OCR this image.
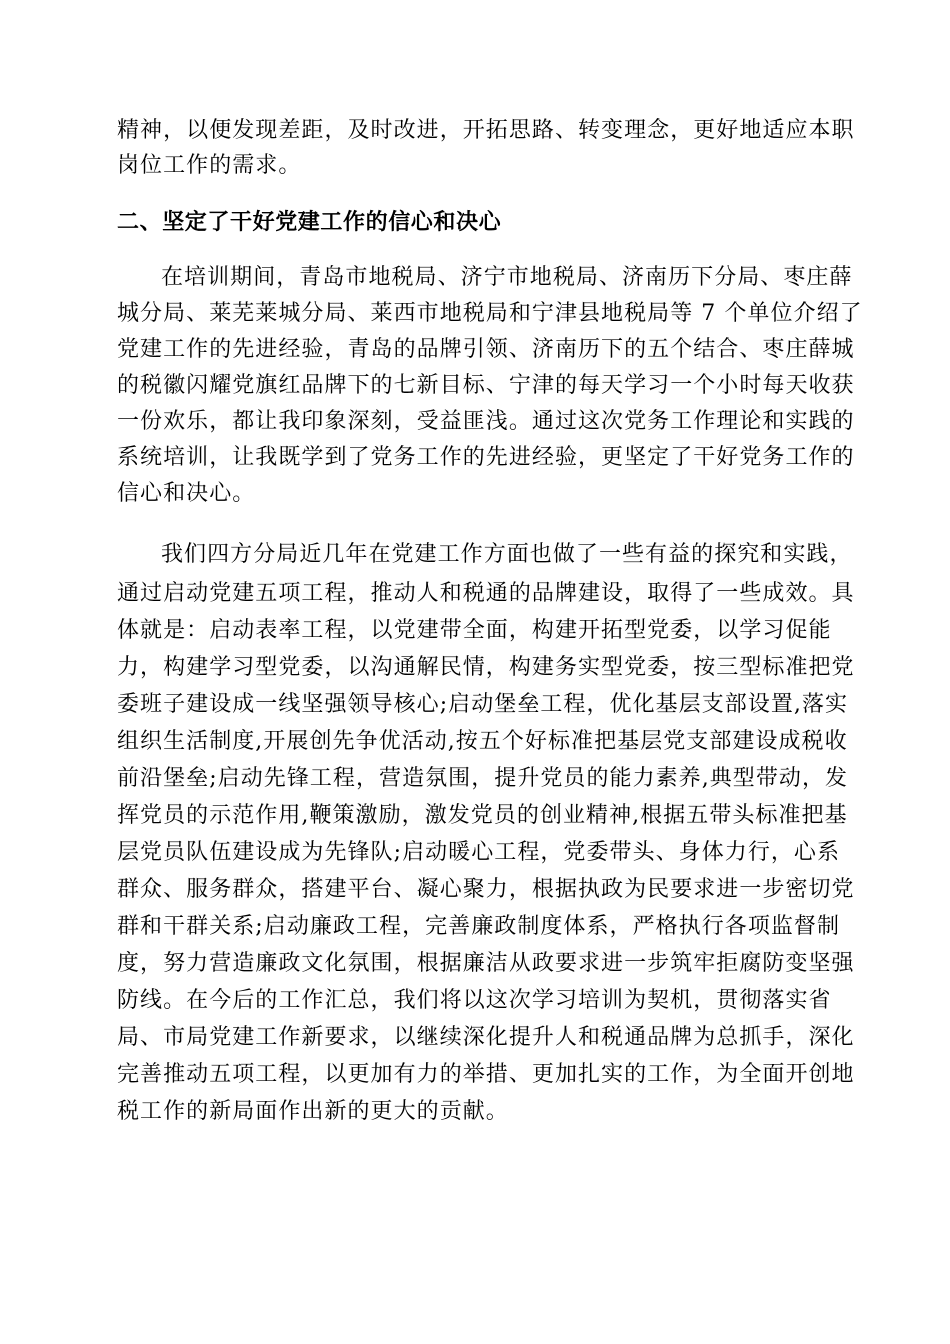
精神，以便发现差距，及时改进，开拓思路、转变理念，更好地适应本职
岗位工作的需求。
二、坚定了干好党建工作的信心和决心
在培训期间，青岛市地税局、济宁市地税局、济南历下分局、枣庄薛
城分局、莱芜莱城分局、莱西市地税局和宁津县地税局等 7 个单位介绍了
党建工作的先进经验，青岛的品牌引领、济南历下的五个结合、枣庄薛城
的税徽闪耀党旗红品牌下的七新目标、宁津的每天学习一个小时每天收获
一份欢乐，都让我印象深刻，受益匪浅。通过这次党务工作理论和实践的
系统培训，让我既学到了党务工作的先进经验，更坚定了干好党务工作的
信心和决心。
我们四方分局近几年在党建工作方面也做了一些有益的探究和实践，
通过启动党建五项工程，推动人和税通的品牌建设，取得了一些成效。具
体就是：启动表率工程，以党建带全面，构建开拓型党委，以学习促能
力，构建学习型党委，以沟通解民情，构建务实型党委，按三型标准把党
委班子建设成一线坚强领导核心;启动堡垒工程，优化基层支部设置,落实
组织生活制度,开展创先争优活动,按五个好标准把基层党支部建设成税收
前沿堡垒;启动先锋工程，营造氛围，提升党员的能力素养,典型带动，发
挥党员的示范作用,鞭策激励，激发党员的创业精神,根据五带头标准把基
层党员队伍建设成为先锋队;启动暖心工程，党委带头、身体力行，心系
群众、服务群众，搭建平台、凝心聚力，根据执政为民要求进一步密切党
群和干群关系;启动廉政工程，完善廉政制度体系，严格执行各项监督制
度，努力营造廉政文化氛围，根据廉洁从政要求进一步筑牢拒腐防变坚强
防线。在今后的工作汇总，我们将以这次学习培训为契机，贯彻落实省
局、市局党建工作新要求，以继续深化提升人和税通品牌为总抓手，深化
完善推动五项工程，以更加有力的举措、更加扎实的工作，为全面开创地
税工作的新局面作出新的更大的贡献。
